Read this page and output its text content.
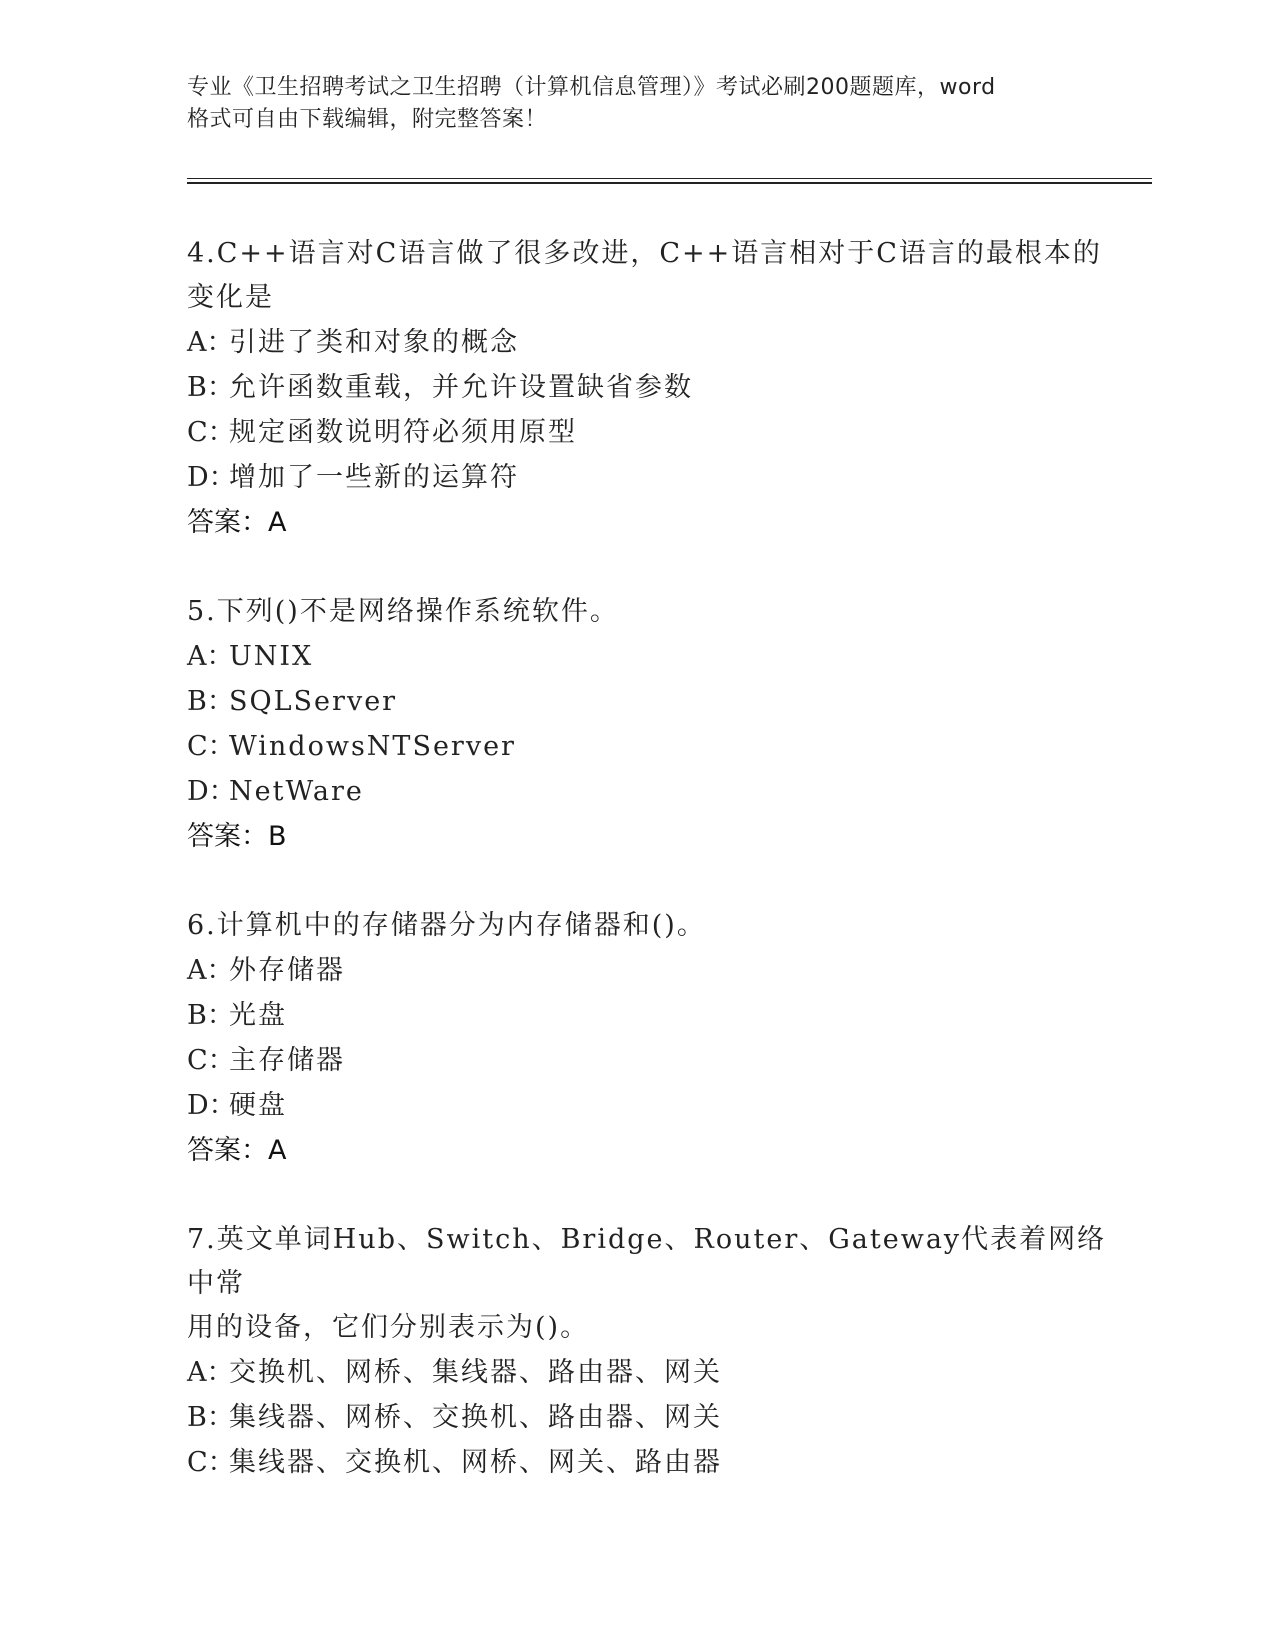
专业《卫生招聘考试之卫生招聘（计算机信息管理）》考试必刷200题题库，word
格式可自由下载编辑，附完整答案！
4.C++语言对C语言做了很多改进，C++语言相对于C语言的最根本的
变化是
A：引进了类和对象的概念
B：允许函数重载，并允许设置缺省参数
C：规定函数说明符必须用原型
D：增加了一些新的运算符
答案：A
5.下列()不是网络操作系统软件。
A：UNIX
B：SQLServer
C：WindowsNTServer
D：NetWare
答案：B
6.计算机中的存储器分为内存储器和()。
A：外存储器
B：光盘
C：主存储器
D：硬盘
答案：A
7.英文单词Hub、Switch、Bridge、Router、Gateway代表着网络中常
用的设备，它们分别表示为()。
A：交换机、网桥、集线器、路由器、网关
B：集线器、网桥、交换机、路由器、网关
C：集线器、交换机、网桥、网关、路由器
